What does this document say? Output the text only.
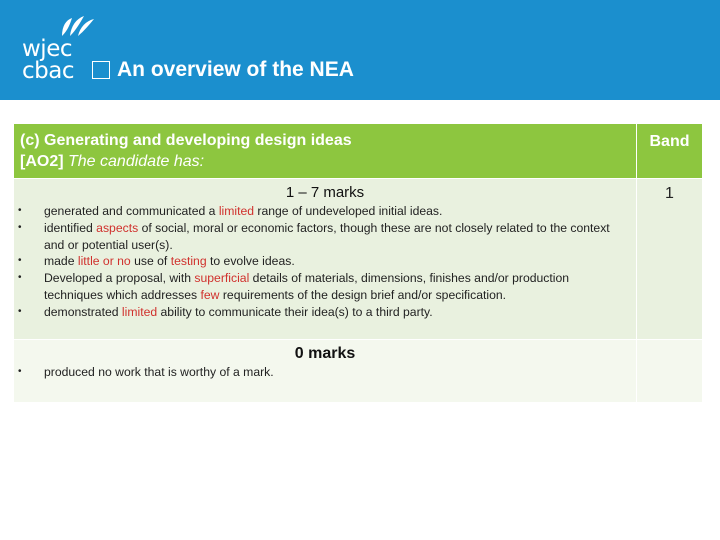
wjec
cbac An overview of the NEA
(c) Generating and developing design ideas
[AO2] The candidate has:
Band
1 – 7 marks
• generated and communicated a limited range of undeveloped initial ideas.
• identified aspects of social, moral or economic factors, though these are not closely related to the context and or potential user(s).
• made little or no use of testing to evolve ideas.
• Developed a proposal, with superficial details of materials, dimensions, finishes and/or production techniques which addresses few requirements of the design brief and/or specification.
• demonstrated limited ability to communicate their idea(s) to a third party.
1
0 marks
• produced no work that is worthy of a mark.
